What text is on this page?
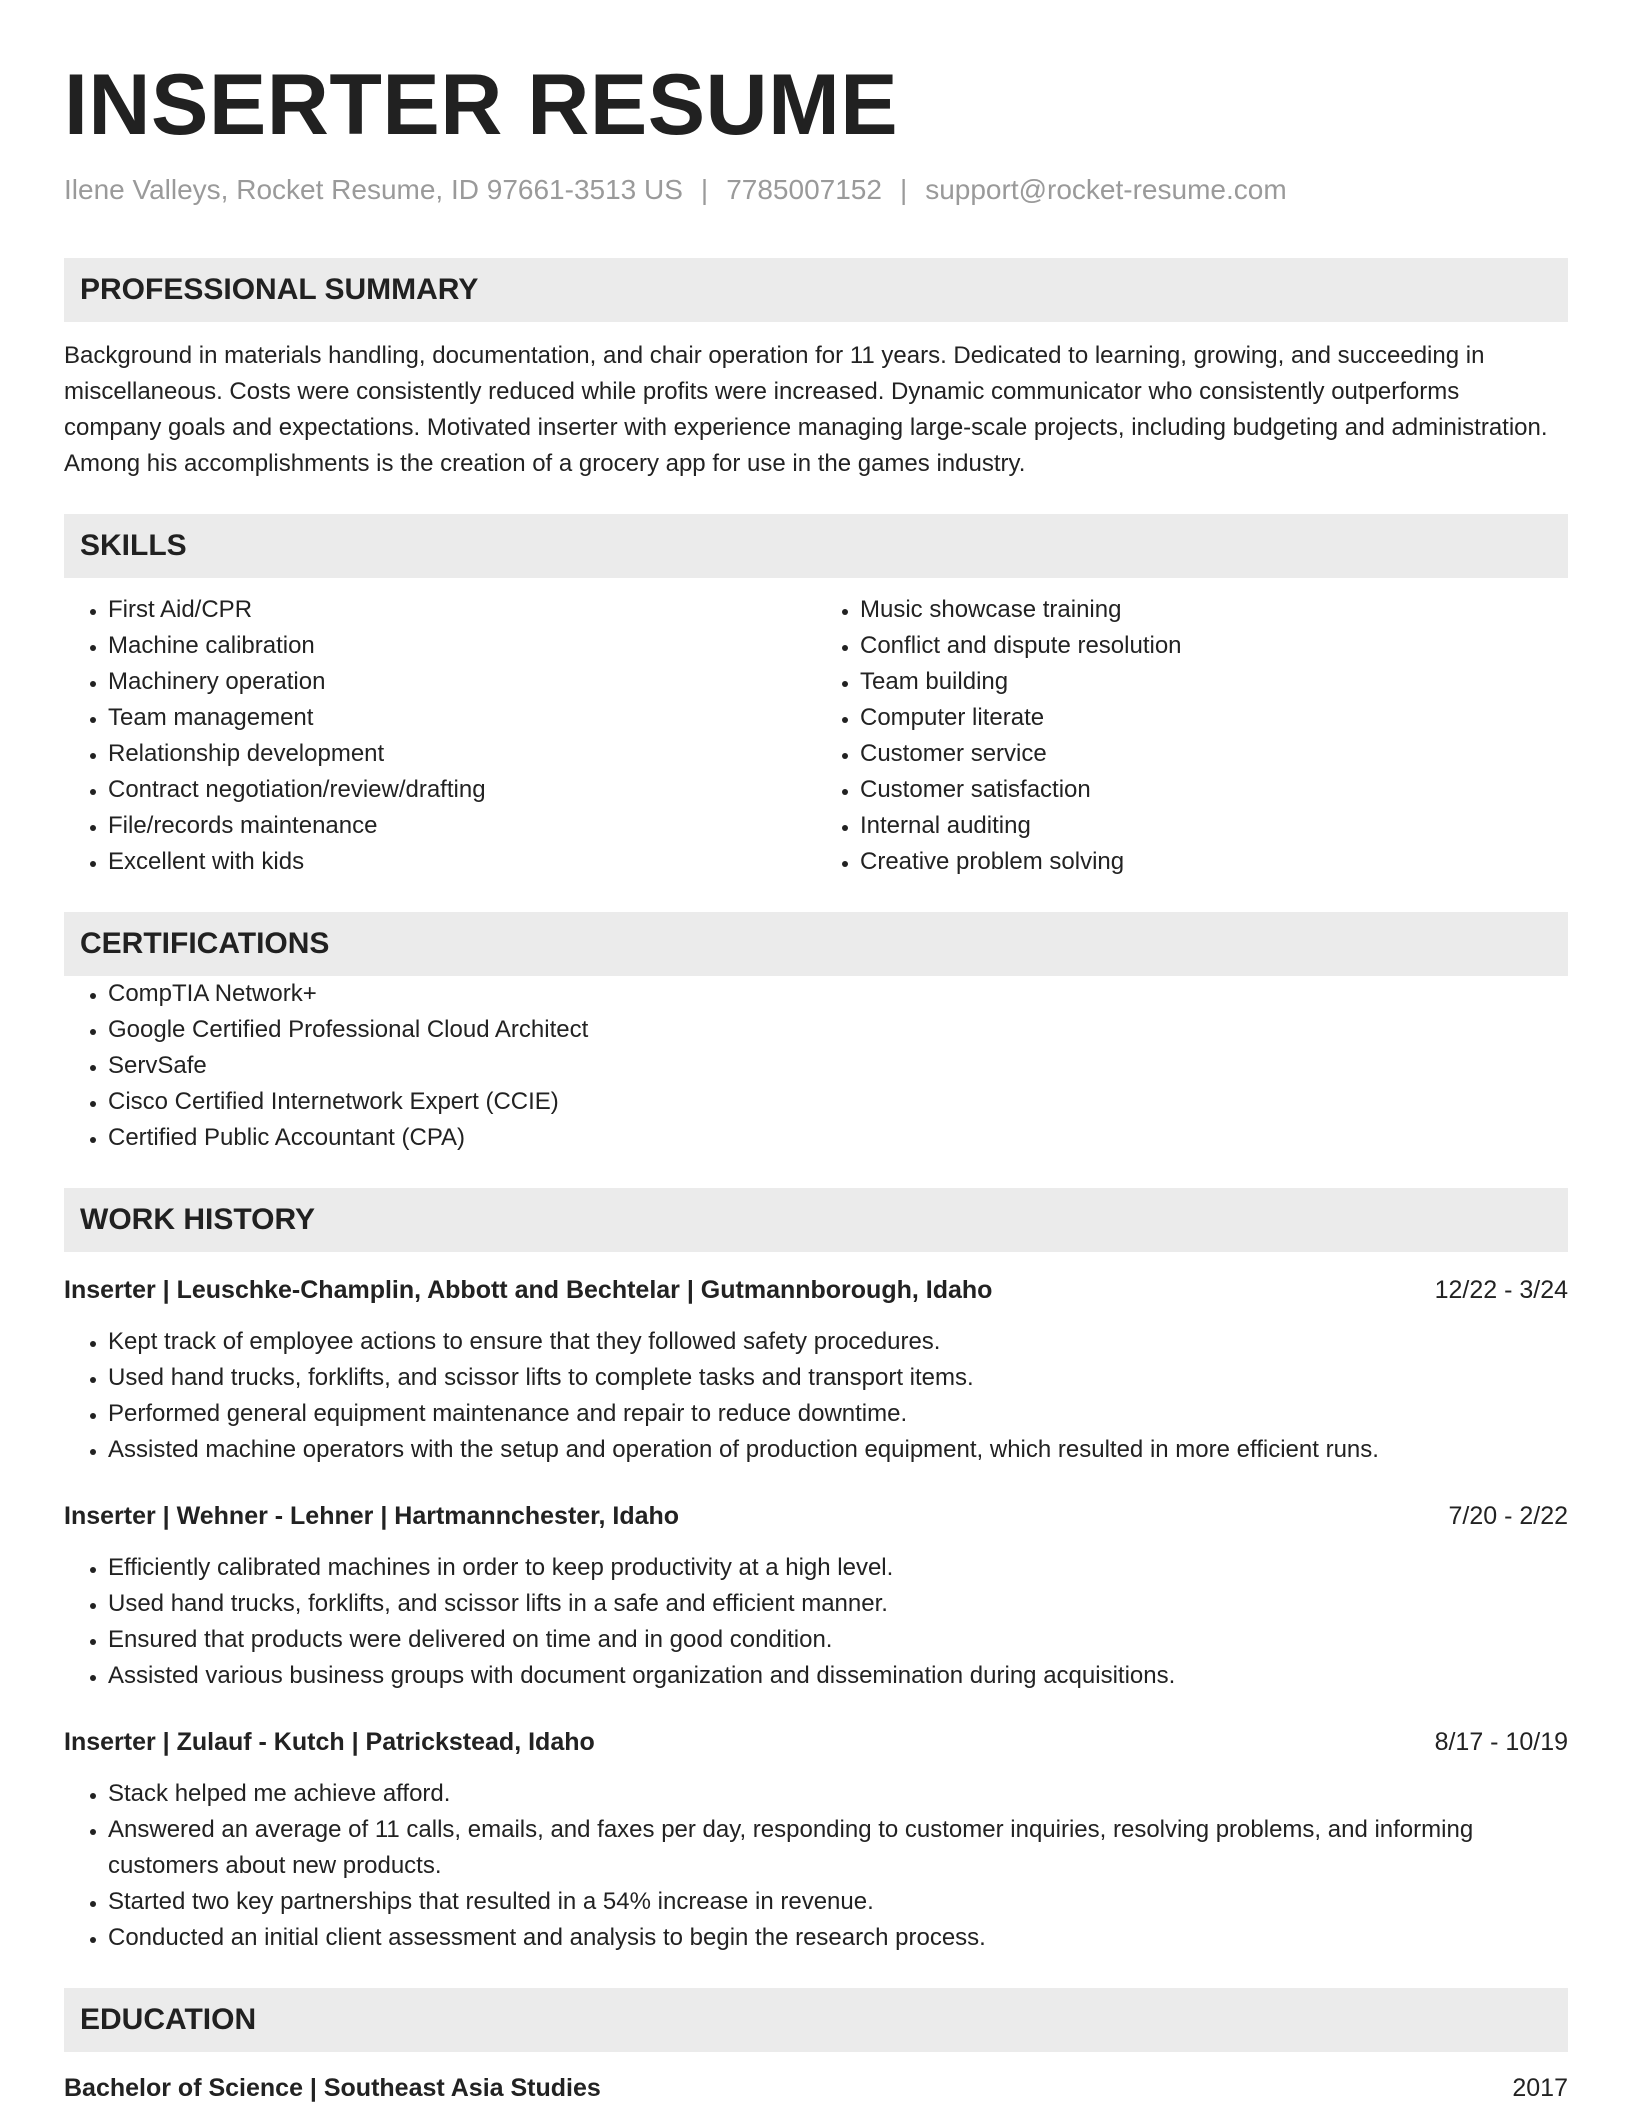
INSERTER RESUME
Ilene Valleys, Rocket Resume, ID 97661-3513 US | 7785007152 | support@rocket-resume.com
PROFESSIONAL SUMMARY

Background in materials handling, documentation, and chair operation for 11 years. Dedicated to learning, growing, and succeeding in miscellaneous. Costs were consistently reduced while profits were increased. Dynamic communicator who consistently outperforms company goals and expectations. Motivated inserter with experience managing large-scale projects, including budgeting and administration. Among his accomplishments is the creation of a grocery app for use in the games industry.

SKILLS
• First Aid/CPR
• Machine calibration
• Machinery operation
• Team management
• Relationship development
• Contract negotiation/review/drafting
• File/records maintenance
• Excellent with kids
• Music showcase training
• Conflict and dispute resolution
• Team building
• Computer literate
• Customer service
• Customer satisfaction
• Internal auditing
• Creative problem solving
CERTIFICATIONS
• CompTIA Network+
• Google Certified Professional Cloud Architect
• ServSafe
• Cisco Certified Internetwork Expert (CCIE)
• Certified Public Accountant (CPA)
WORK HISTORY
Inserter | Leuschke-Champlin, Abbott and Bechtelar | Gutmannborough, Idaho	12/22 - 3/24
• Kept track of employee actions to ensure that they followed safety procedures.
• Used hand trucks, forklifts, and scissor lifts to complete tasks and transport items.
• Performed general equipment maintenance and repair to reduce downtime.
• Assisted machine operators with the setup and operation of production equipment, which resulted in more efficient runs.
Inserter | Wehner - Lehner | Hartmannchester, Idaho	7/20 - 2/22
• Efficiently calibrated machines in order to keep productivity at a high level.
• Used hand trucks, forklifts, and scissor lifts in a safe and efficient manner.
• Ensured that products were delivered on time and in good condition.
• Assisted various business groups with document organization and dissemination during acquisitions.
Inserter | Zulauf - Kutch | Patrickstead, Idaho	8/17 - 10/19
• Stack helped me achieve afford.
• Answered an average of 11 calls, emails, and faxes per day, responding to customer inquiries, resolving problems, and informing customers about new products.
• Started two key partnerships that resulted in a 54% increase in revenue.
• Conducted an initial client assessment and analysis to begin the research process.
EDUCATION
Bachelor of Science | Southeast Asia Studies	2017
